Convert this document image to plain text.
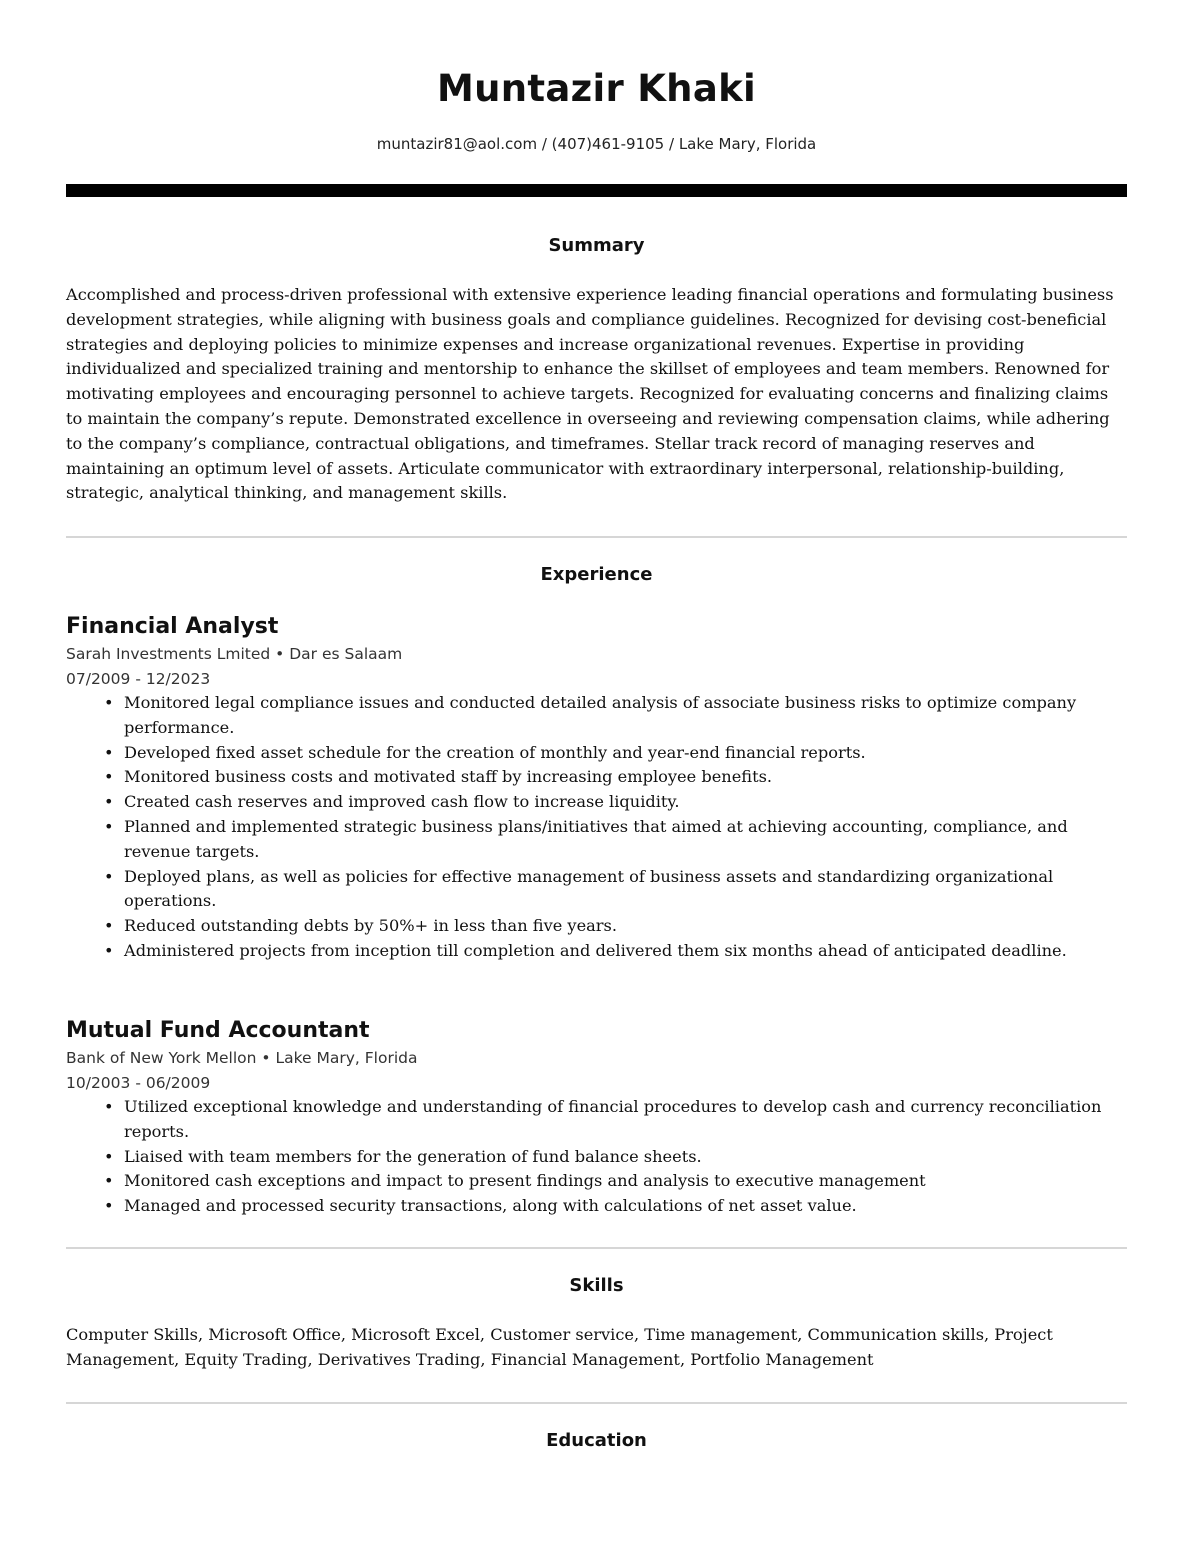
Muntazir Khaki
muntazir81@aol.com / (407)461-9105 / Lake Mary, Florida
Summary

Accomplished and process-driven professional with extensive experience leading financial operations and formulating business development strategies, while aligning with business goals and compliance guidelines. Recognized for devising cost-beneficial strategies and deploying policies to minimize expenses and increase organizational revenues. Expertise in providing individualized and specialized training and mentorship to enhance the skillset of employees and team members. Renowned for motivating employees and encouraging personnel to achieve targets. Recognized for evaluating concerns and finalizing claims to maintain the company’s repute. Demonstrated excellence in overseeing and reviewing compensation claims, while adhering to the company’s compliance, contractual obligations, and timeframes. Stellar track record of managing reserves and maintaining an optimum level of assets. Articulate communicator with extraordinary interpersonal, relationship-building, strategic, analytical thinking, and management skills.

Experience
Financial Analyst
Sarah Investments Lmited • Dar es Salaam
07/2009 - 12/2023
• Monitored legal compliance issues and conducted detailed analysis of associate business risks to optimize company performance.
• Developed fixed asset schedule for the creation of monthly and year-end financial reports.
• Monitored business costs and motivated staff by increasing employee benefits.
• Created cash reserves and improved cash flow to increase liquidity.
• Planned and implemented strategic business plans/initiatives that aimed at achieving accounting, compliance, and revenue targets.
• Deployed plans, as well as policies for effective management of business assets and standardizing organizational operations.
• Reduced outstanding debts by 50%+ in less than five years.
• Administered projects from inception till completion and delivered them six months ahead of anticipated deadline.
Mutual Fund Accountant
Bank of New York Mellon • Lake Mary, Florida
10/2003 - 06/2009
• Utilized exceptional knowledge and understanding of financial procedures to develop cash and currency reconciliation reports.
• Liaised with team members for the generation of fund balance sheets.
• Monitored cash exceptions and impact to present findings and analysis to executive management
• Managed and processed security transactions, along with calculations of net asset value.
Skills

Computer Skills, Microsoft Office, Microsoft Excel, Customer service, Time management, Communication skills, Project Management, Equity Trading, Derivatives Trading, Financial Management, Portfolio Management

Education
